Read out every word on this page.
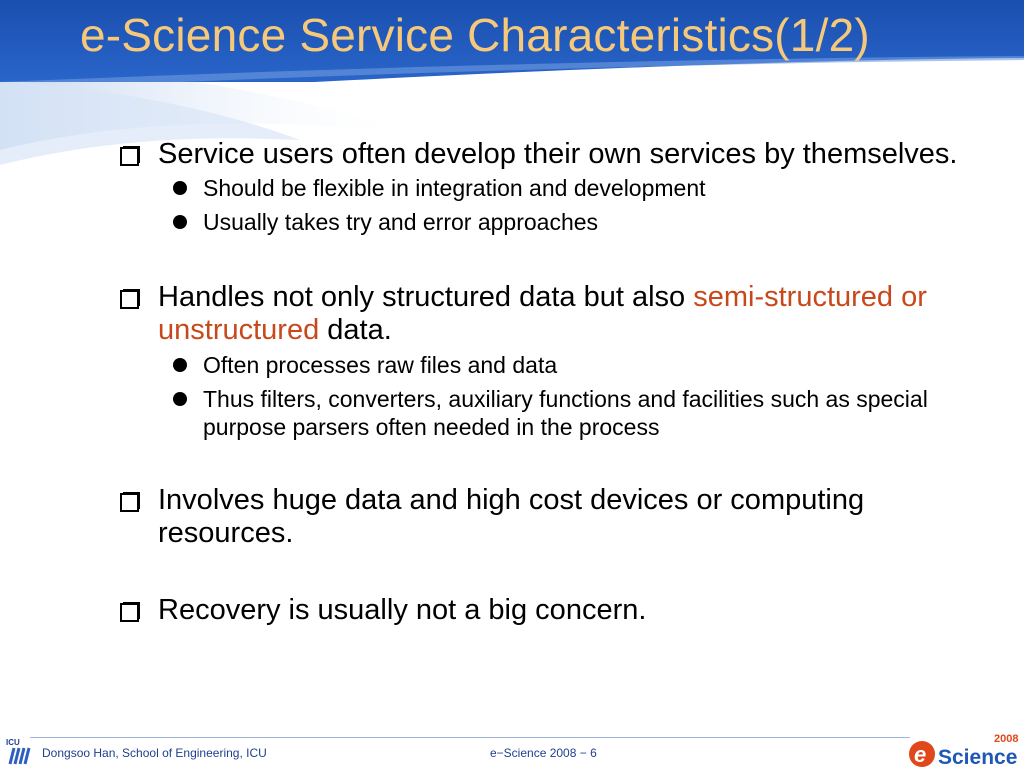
e-Science Service Characteristics(1/2)
Service users often develop their own services by themselves.
Should be flexible in integration and development
Usually takes try and error approaches
Handles not only structured data but also semi-structured or unstructured data.
Often processes raw files and data
Thus filters, converters, auxiliary functions and facilities such as special purpose parsers often needed in the process
Involves huge data and high cost devices or computing resources.
Recovery is usually not a big concern.
ICU
Dongsoo Han, School of Engineering, ICU	e−Science 2008 − 6
2008
e Science
